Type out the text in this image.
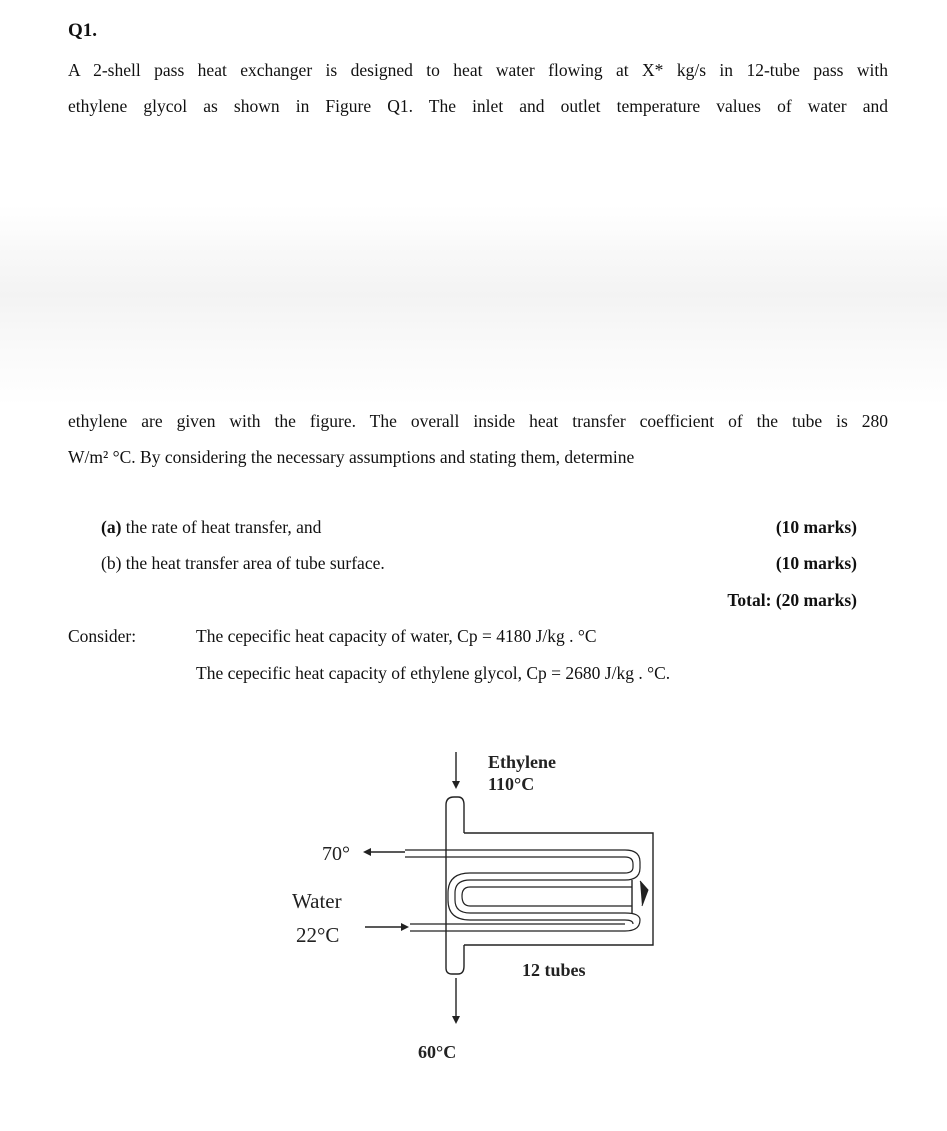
Q1.
A 2-shell pass heat exchanger is designed to heat water flowing at X* kg/s in 12-tube pass with
ethylene glycol as shown in Figure Q1. The inlet and outlet temperature values of water and
ethylene are given with the figure. The overall inside heat transfer coefficient of the tube is 280
W/m² °C. By considering the necessary assumptions and stating them, determine
(a) the rate of heat transfer, and	(10 marks)
(b) the heat transfer area of tube surface.	(10 marks)
Total: (20 marks)
Consider:	The cepecific heat capacity of water, Cp = 4180 J/kg . °C
The cepecific heat capacity of ethylene glycol, Cp = 2680 J/kg . °C.
Ethylene
110°C
70°
Water
22°C
12 tubes
60°C
